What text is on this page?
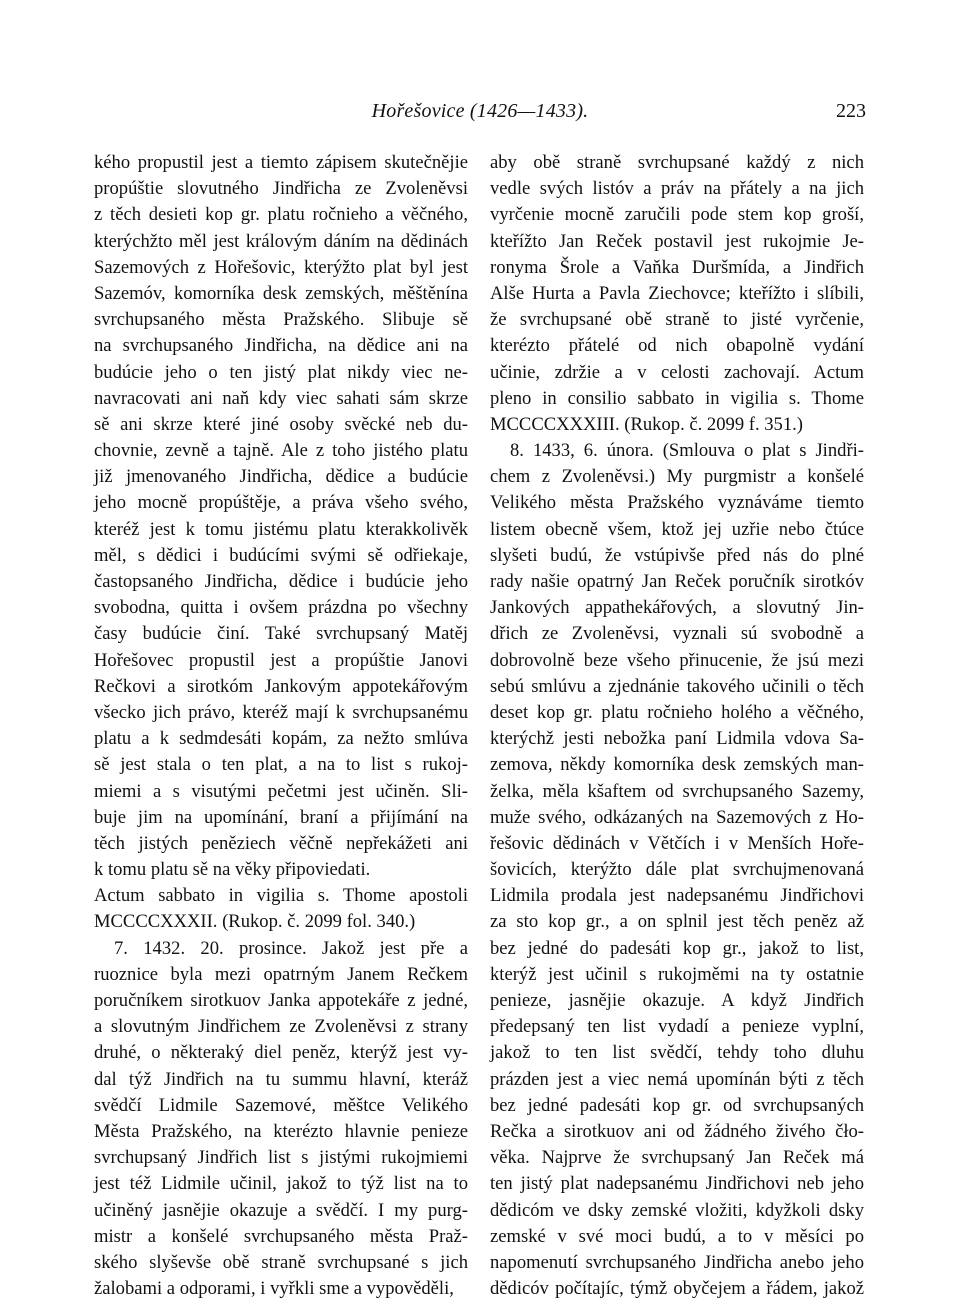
Hořešovice (1426—1433).	223
kého propustil jest a tiemto zápisem skutečnějie
propúštie slovutného Jindřicha ze Zvoleněvsi
z těch desieti kop gr. platu ročnieho a věčného,
kterýchžto měl jest královým dáním na dědinách
Sazemových z Hořešovic, kterýžto plat byl jest
Sazemóv, komorníka desk zemských, měštěnína
svrchupsaného města Pražského. Slibuje sě
na svrchupsaného Jindřicha, na dědice ani na
budúcie jeho o ten jistý plat nikdy viec ne-
navracovati ani naň kdy viec sahati sám skrze
sě ani skrze které jiné osoby svěcké neb du-
chovnie, zevně a tajně. Ale z toho jistého platu
již jmenovaného Jindřicha, dědice a budúcie
jeho mocně propúštěje, a práva všeho svého,
kteréž jest k tomu jistému platu kterakkolivěk
měl, s dědici i budúcími svými sě odřiekaje,
častopsaného Jindřicha, dědice i budúcie jeho
svobodna, quitta i ovšem prázdna po všechny
časy budúcie činí. Také svrchupsaný Matěj
Hořešovec propustil jest a propúštie Janovi
Rečkovi a sirotkóm Jankovým appotekářovým
všecko jich právo, kteréž mají k svrchupsanému
platu a k sedmdesáti kopám, za nežto smlúva
sě jest stala o ten plat, a na to list s rukoj-
miemi a s visutými pečetmi jest učiněn. Sli-
buje jim na upomínání, braní a přijímání na
těch jistých peněziech věčně nepřekážeti ani
k tomu platu sě na věky připoviedati.
Actum sabbato in vigilia s. Thome apostoli
MCCCCXXXII. (Rukop. č. 2099 fol. 340.)
7. 1432. 20. prosince. Jakož jest pře a
ruoznice byla mezi opatrným Janem Rečkem
poručníkem sirotkuov Janka appotekáře z jedné,
a slovutným Jindřichem ze Zvoleněvsi z strany
druhé, o některaký diel peněz, kterýž jest vy-
dal týž Jindřich na tu summu hlavní, kteráž
svědčí Lidmile Sazemové, měštce Velikého
Města Pražského, na kterézto hlavnie penieze
svrchupsaný Jindřich list s jistými rukojmiemi
jest též Lidmile učinil, jakož to týž list na to
učiněný jasnějie okazuje a svědčí. I my purg-
mistr a konšelé svrchupsaného města Praž-
ského slyševše obě straně svrchupsané s jich
žalobami a odporami, i vyřkli sme a vypověděli,
aby obě straně svrchupsané každý z nich
vedle svých listóv a práv na přátely a na jich
vyrčenie mocně zaručili pode stem kop groší,
kteřížto Jan Reček postavil jest rukojmie Je-
ronyma Šrole a Vaňka Duršmída, a Jindřich
Alše Hurta a Pavla Ziechovce; kteřížto i slíbili,
že svrchupsané obě straně to jisté vyrčenie,
kterézto přátelé od nich obapolně vydání
učinie, zdržie a v celosti zachovají. Actum
pleno in consilio sabbato in vigilia s. Thome
MCCCCXXXIII. (Rukop. č. 2099 f. 351.)
8. 1433, 6. února. (Smlouva o plat s Jindři-
chem z Zvoleněvsi.) My purgmistr a konšelé
Velikého města Pražského vyznáváme tiemto
listem obecně všem, ktož jej uzřie nebo čtúce
slyšeti budú, že vstúpivše před nás do plné
rady našie opatrný Jan Reček poručník sirotkóv
Jankových appathekářových, a slovutný Jin-
dřich ze Zvoleněvsi, vyznali sú svobodně a
dobrovolně beze všeho přinucenie, že jsú mezi
sebú smlúvu a zjednánie takového učinili o těch
deset kop gr. platu ročnieho holého a věčného,
kterýchž jesti nebožka paní Lidmila vdova Sa-
zemova, někdy komorníka desk zemských man-
želka, měla kšaftem od svrchupsaného Sazemy,
muže svého, odkázaných na Sazemových z Ho-
řešovic dědinách v Větčích i v Menších Hoře-
šovicích, kterýžto dále plat svrchujmenovaná
Lidmila prodala jest nadepsanému Jindřichovi
za sto kop gr., a on splnil jest těch penĕz až
bez jedné do padesáti kop gr., jakož to list,
kterýž jest učinil s rukojměmi na ty ostatnie
penieze, jasnějie okazuje. A když Jindřich
předepsaný ten list vydadí a penieze vyplní,
jakož to ten list svědčí, tehdy toho dluhu
prázden jest a viec nemá upomínán býti z těch
bez jedné padesáti kop gr. od svrchupsaných
Rečka a sirotkuov ani od žádného živého čło-
věka. Najprve že svrchupsaný Jan Reček má
ten jistý plat nadepsanému Jindřichovi neb jeho
dědicóm ve dsky zemské vložiti, kdyžkoli dsky
zemské v své moci budú, a to v měsíci po
napomenutí svrchupsaného Jindřicha anebo jeho
dědicóv počítajíc, týmž obyčejem a řádem, jakož
